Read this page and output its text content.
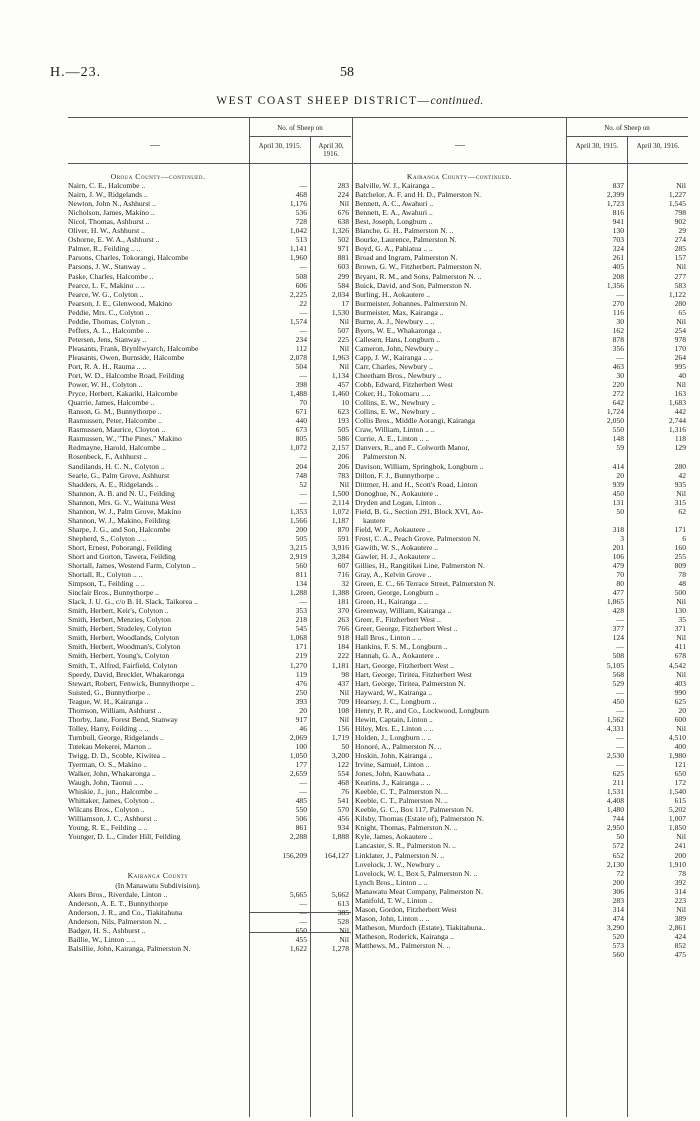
H.—23.	58
WEST COAST SHEEP DISTRICT—continued.
—
No. of Sheep on
April 30, 1915.	April 30, 1916.
—
No. of Sheep on
April 30, 1915.	April 30, 1916.
Oroua County—continued.
Nairn, C. E., Halcombe ..	—	283
Nairn, J. W., Ridgelands ..	468	224
Newton, John N., Ashhurst ..	1,176	Nil
Nicholson, James, Makino ..	536	676
Nicol, Thomas, Ashhurst ..	728	638
Oliver, H. W., Ashhurst ..	1,042	1,326
Osborne, E. W. A., Ashhurst ..	513	502
Palmer, R., Feilding .. ..	1,141	971
Parsons, Charles, Tokorangi, Halcombe	1,960	881
Parsons, J. W., Stanway ..	—	603
Paske, Charles, Halcombe ..	508	299
Pearce, L. F., Makino .. ..	606	584
Pearce, W. G., Colyton ..	2,225	2,034
Pearson, J. E., Glenwood, Makino	22	17
Peddie, Mrs. C., Colyton ..	—	1,530
Peddie, Thomas, Colyton ..	1,574	Nil
Peffers, A. L., Halcombe ..	—	507
Petersen, Jens, Stanway ..	234	225
Pleasants, Frank, Brynllwyarch, Halcombe	112	Nil
Pleasants, Owen, Burnside, Halcombe	2,078	1,963
Port, R. A. H., Rauma .. ..	504	Nil
Port, W. D., Halcombe Road, Feilding	—	1,134
Power, W. H., Colyton ..	398	457
Pryce, Herbert, Kakariki, Halcombe	1,488	1,460
Quarrie, James, Halcombe ..	70	10
Ranson, G. M., Bunnythorpe ..	671	623
Rasmussen, Peter, Halcombe ..	440	193
Rasmussen, Maurice, Cloyton ..	673	505
Rasmussen, W., "The Pines," Makino	805	586
Redmayne, Harold, Halcombe ..	1,072	2,157
Rosenbeck, F., Ashhurst ..	—	206
Sandilands, H. C. N., Colyton ..	204	206
Searle, G., Palm Grove, Ashhurst	748	783
Shadders, A. E., Ridgelands ..	52	Nil
Shannon, A. B. and N. U., Feilding	—	1,500
Shannon, Mrs. G. V., Waituna West	—	2,114
Shannon, W. J., Palm Grove, Makino	1,353	1,072
Shannon, W. J., Makino, Feilding	1,566	1,187
Sharpe, J. G., and Son, Halcombe	200	870
Shepherd, S., Colyton .. ..	505	591
Short, Ernest, Pohorangi, Feilding	3,215	3,916
Short and Gorton, Tawera, Feilding	2,919	3,284
Shortall, James, Westend Farm, Colyton ..	560	607
Shortall, R., Colyton .. ..	811	716
Simpson, T., Feilding .. ..	134	32
Sinclair Bros., Bunnythorpe ..	1,288	1,388
Slack, J. U. G., c/o B. H. Slack, Taikorea ..	—	181
Smith, Herbert, Keir's, Colyton ..	353	370
Smith, Herbert, Menzies, Colyton	218	263
Smith, Herbert, Studeley, Colyton	545	766
Smith, Herbert, Woodlands, Colyton	1,068	918
Smith, Herbert, Woodman's, Colyton	171	184
Smith, Herbert, Young's, Colyton	219	222
Smith, T., Alfred, Fairfield, Colyton	1,270	1,181
Speedy, David, Brecklet, Whakaronga	119	98
Stewart, Robert, Fenwick, Bunnythorpe ..	476	437
Suisted, G., Bunnythorpe ..	250	Nil
Teague, W. H., Kairanga ..	393	709
Thomson, William, Ashhurst ..	20	108
Thorby, Jane, Forest Bend, Stanway	917	Nil
Tolley, Harry, Feilding .. ..	46	156
Turnbull, George, Ridgelands ..	2,069	1,719
Tutekau Mekerei, Marton ..	100	50
Twigg, D. D., Scoble, Kiwitea ..	1,050	3,200
Tyerman, O. S., Makino ..	177	122
Walker, John, Whakaronga ..	2,659	554
Waugh, John, Taonui .. ..	—	468
Whiskie, J., jun., Halcombe ..	—	76
Whittaker, James, Colyton ..	485	541
Wilcans Bros., Colyton ..	550	570
Williamson, J. C., Ashhurst ..	506	456
Young, R. E., Feilding .. ..	861	934
Younger, D. L., Cinder Hill, Feilding	2,288	1,888
156,209	164,127
Kairanga County
(In Manawatu Subdivision).
Akers Bros., Riverdale, Linton ..	5,665	5,662
Anderson, A. E. T., Bunnythorpe	—	613
Anderson, J. R., and Co., Tiakitahuna	—	385
Anderson, Nils, Palmerston N. ..	—	528
Badger, H. S., Ashhurst ..	650	Nil
Baillie, W., Linton .. ..	455	Nil
Balsillie, John, Kairanga, Palmerston N.	1,622	1,278
Kairanga County—continued.
Balville, W. J., Kairanga ..	837	Nil
Batchelor, A. F. and H. D., Palmerston N.	2,399	1,227
Bennett, A. C., Awahuri ..	1,723	1,545
Bennett, E. A., Awahuri ..	816	798
Best, Joseph, Longburn ..	941	902
Blanche, G. H., Palmerston N. ..	130	29
Bourke, Laurence, Palmerston N.	703	274
Boyd, G. A., Pahiatua .. ..	324	285
Broad and Ingram, Palmerston N.	261	157
Brown, G. W., Fitzherbert, Palmerston N.	405	Nil
Bryant, R. M., and Sons, Palmerston N. ..	208	277
Buick, David, and Son, Palmerston N.	1,356	583
Burling, H., Aokautere ..	—	1,122
Burmeister, Johannes, Palmerston N.	270	280
Burmeister, Max, Kairanga ..	116	65
Burne, A. J., Newbury .. ..	30	Nil
Byers, W. E., Whakaronga ..	162	254
Callesen, Hans, Longburn ..	878	978
Cameron, John, Newbury ..	356	170
Capp, J. W., Kairanga .. ..	—	264
Carr, Charles, Newbury ..	463	995
Cheetham Bros., Newbury ..	30	40
Cobb, Edward, Fitzherbert West	220	Nil
Coker, H., Tokomaru .. ..	272	163
Collins, E. W., Newbury ..	642	1,683
Collins, E. W., Newbury ..	1,724	442
Collis Bros., Middle Aorangi, Kairanga	2,050	2,744
Craw, William, Linton .. ..	550	1,316
Currie, A. E., Linton .. ..	148	118
Danvers, R., and F., Colworth Manor,	59	129
Palmerston N.
Davison, William, Springbok, Longburn ..	414	280
Dillon, F. J., Bunnythorpe ..	20	42
Dittmer, H. and H., Scott's Road, Linton	939	935
Donoghue, N., Aokautere ..	450	Nil
Dryden and Logan, Linton ..	131	315
Field, B. G., Section 291, Block XVI, Ao-	50	62
kautere
Field, W. F., Aokautere ..	318	171
Frost, C. A., Peach Grove, Palmerston N.	3	6
Gawith, W. S., Aokautere ..	201	160
Gawler, H. J., Aokautere ..	106	255
Gillies, H., Rangitikei Line, Palmerston N.	479	809
Gray, A., Kelvin Grove ..	70	78
Green, E. C., 66 Terrace Street, Palmerston N.	80	48
Green, George, Longburn ..	477	500
Green, H., Kairanga .. ..	1,865	Nil
Greenway, William, Kairanga ..	428	130
Greer, F., Fitzherbert West ..	—	35
Greer, George, Fitzherbert West ..	377	371
Hall Bros., Linton .. ..	124	Nil
Hankins, F. S. M., Longburn ..	—	411
Hannah, G. A., Aokautere ..	508	678
Hart, George, Fitzherbert West ..	5,105	4,542
Hart, George, Tiritea, Fitzherbert West	568	Nil
Hart, George, Tiritea, Palmerston N.	529	403
Hayward, W., Kairanga ..	—	990
Hearsey, J. C., Longburn ..	450	625
Henry, P. R., and Co., Lockwood, Longburn	—	20
Hewitt, Captain, Linton ..	1,562	600
Hiley, Mrs. E., Linton .. ..	4,331	Nil
Holden, J., Longburn .. ..	—	4,510
Honoré, A., Palmerston N. ..	—	400
Hoskin, John, Kairanga ..	2,530	1,980
Irvine, Samuel, Linton ..	—	121
Jones, John, Kauwhata ..	625	650
Kearins, J., Kairanga .. ..	211	172
Keeble, C. T., Palmerston N. ..	1,531	1,540
Keeble, C. T., Palmerston N. ..	4,408	615
Keeble, G. C., Box 117, Palmerston N.	1,480	5,202
Kilsby, Thomas (Estate of), Palmerston N.	744	1,007
Knight, Thomas, Palmerston N. ..	2,950	1,850
Kyle, James, Aokautere ..	50	Nil
Lancaster, S. R., Palmerston N. ..	572	241
Linklater, J., Palmerston N. ..	652	200
Lovelock, J. W., Newbury ..	2,130	1,910
Lovelock, W. I., Box 5, Palmerston N. ..	72	78
Lynch Bros., Linton .. ..	200	392
Manawatu Meat Company, Palmerston N.	306	314
Manifold, T. W., Linton ..	283	223
Mason, Gordon, Fitzherbert West	314	Nil
Mason, John, Linton .. ..	474	389
Matheson, Murdoch (Estate), Tiakitahuna..	3,290	2,861
Matheson, Roderick, Kairanga ..	520	424
Matthews, M., Palmerston N. ..	573	852
560	475
